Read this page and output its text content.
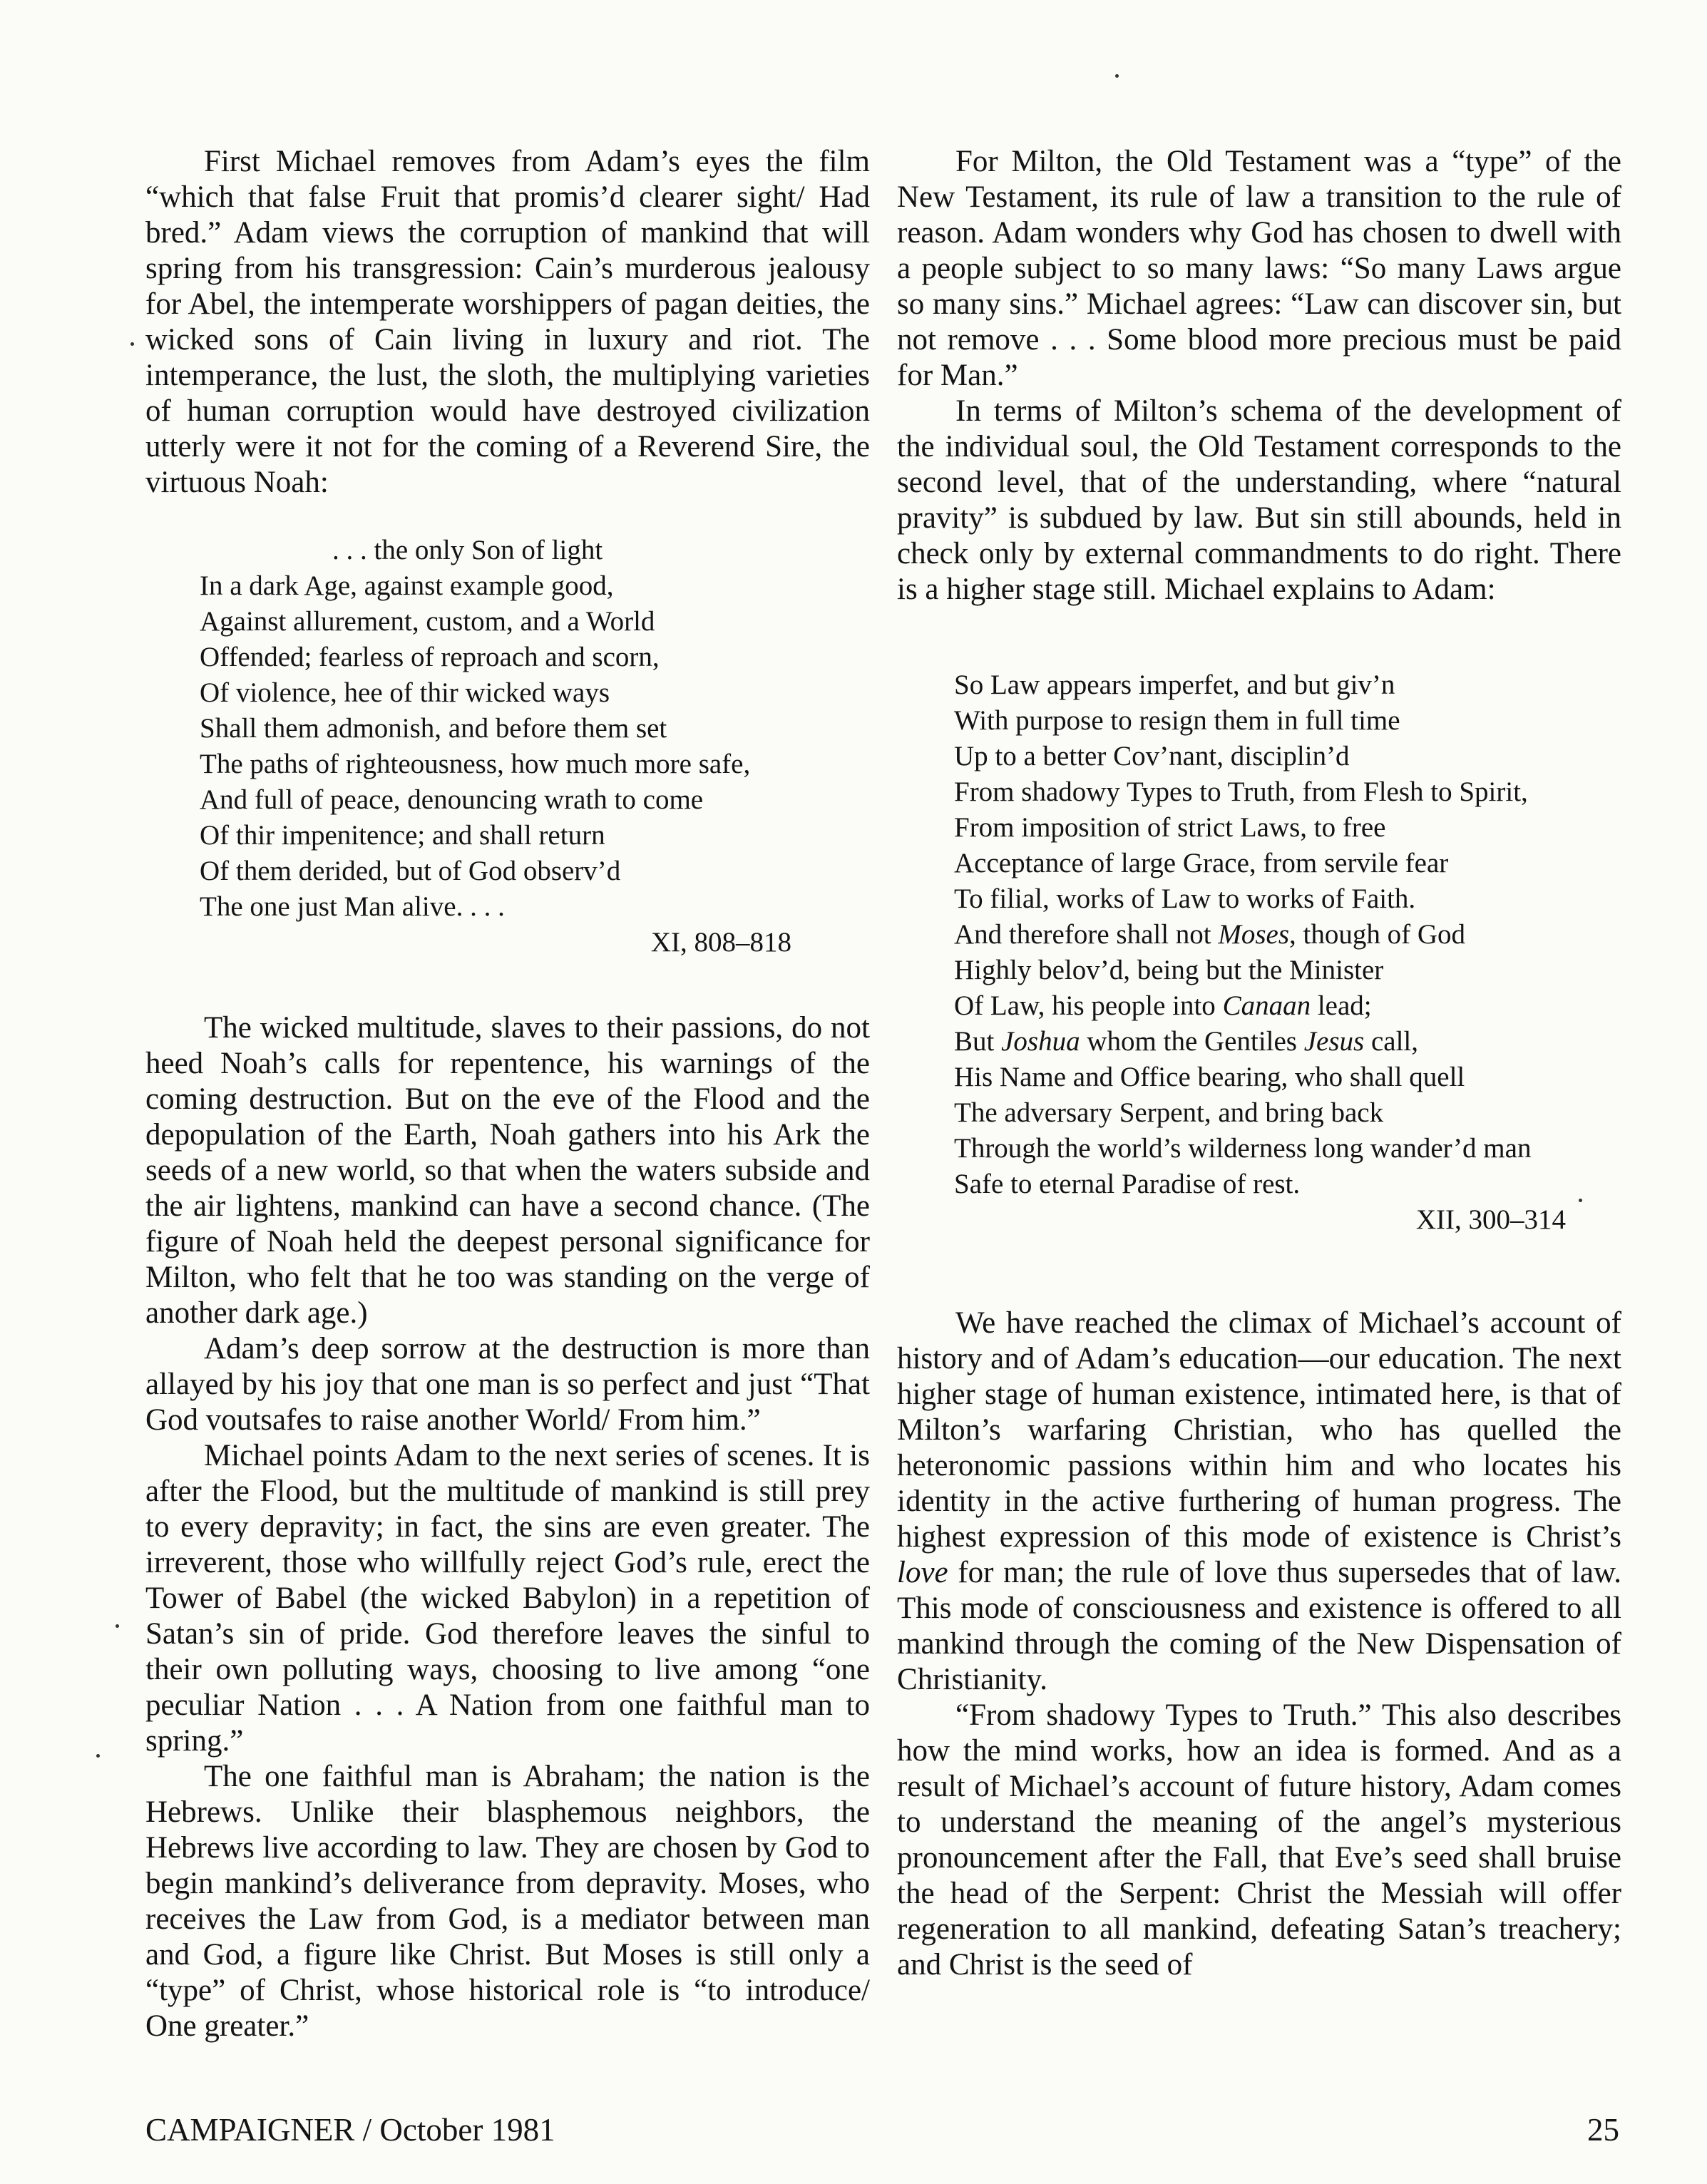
First Michael removes from Adam’s eyes the film “which that false Fruit that promis’d clearer sight/ Had bred.” Adam views the corruption of mankind that will spring from his transgression: Cain’s murderous jealousy for Abel, the intemperate worshippers of pagan deities, the wicked sons of Cain living in luxury and riot. The intemperance, the lust, the sloth, the multiplying varieties of human corruption would have destroyed civilization utterly were it not for the coming of a Reverend Sire, the virtuous Noah:

. . . the only Son of light
In a dark Age, against example good,
Against allurement, custom, and a World
Offended; fearless of reproach and scorn,
Of violence, hee of thir wicked ways
Shall them admonish, and before them set
The paths of righteousness, how much more safe,
And full of peace, denouncing wrath to come
Of thir impenitence; and shall return
Of them derided, but of God observ’d
The one just Man alive. . . .
XI, 808–818

The wicked multitude, slaves to their passions, do not heed Noah’s calls for repentence, his warnings of the coming destruction. But on the eve of the Flood and the depopulation of the Earth, Noah gathers into his Ark the seeds of a new world, so that when the waters subside and the air lightens, mankind can have a second chance. (The figure of Noah held the deepest personal significance for Milton, who felt that he too was standing on the verge of another dark age.)

Adam’s deep sorrow at the destruction is more than allayed by his joy that one man is so perfect and just “That God voutsafes to raise another World/ From him.”

Michael points Adam to the next series of scenes. It is after the Flood, but the multitude of mankind is still prey to every depravity; in fact, the sins are even greater. The irreverent, those who willfully reject God’s rule, erect the Tower of Babel (the wicked Babylon) in a repetition of Satan’s sin of pride. God therefore leaves the sinful to their own polluting ways, choosing to live among “one peculiar Nation . . . A Nation from one faithful man to spring.”

The one faithful man is Abraham; the nation is the Hebrews. Unlike their blasphemous neighbors, the Hebrews live according to law. They are chosen by God to begin mankind’s deliverance from depravity. Moses, who receives the Law from God, is a mediator between man and God, a figure like Christ. But Moses is still only a “type” of Christ, whose historical role is “to introduce/ One greater.”

For Milton, the Old Testament was a “type” of the New Testament, its rule of law a transition to the rule of reason. Adam wonders why God has chosen to dwell with a people subject to so many laws: “So many Laws argue so many sins.” Michael agrees: “Law can discover sin, but not remove . . . Some blood more precious must be paid for Man.”

In terms of Milton’s schema of the development of the individual soul, the Old Testament corresponds to the second level, that of the understanding, where “natural pravity” is subdued by law. But sin still abounds, held in check only by external commandments to do right. There is a higher stage still. Michael explains to Adam:

So Law appears imperfet, and but giv’n
With purpose to resign them in full time
Up to a better Cov’nant, disciplin’d
From shadowy Types to Truth, from Flesh to Spirit,
From imposition of strict Laws, to free
Acceptance of large Grace, from servile fear
To filial, works of Law to works of Faith.
And therefore shall not Moses, though of God
Highly belov’d, being but the Minister
Of Law, his people into Canaan lead;
But Joshua whom the Gentiles Jesus call,
His Name and Office bearing, who shall quell
The adversary Serpent, and bring back
Through the world’s wilderness long wander’d man
Safe to eternal Paradise of rest.
XII, 300–314

We have reached the climax of Michael’s account of history and of Adam’s education—our education. The next higher stage of human existence, intimated here, is that of Milton’s warfaring Christian, who has quelled the heteronomic passions within him and who locates his identity in the active furthering of human progress. The highest expression of this mode of existence is Christ’s love for man; the rule of love thus supersedes that of law. This mode of consciousness and existence is offered to all mankind through the coming of the New Dispensation of Christianity.

“From shadowy Types to Truth.” This also describes how the mind works, how an idea is formed. And as a result of Michael’s account of future history, Adam comes to understand the meaning of the angel’s mysterious pronouncement after the Fall, that Eve’s seed shall bruise the head of the Serpent: Christ the Messiah will offer regeneration to all mankind, defeating Satan’s treachery; and Christ is the seed of

CAMPAIGNER / October 1981	25
